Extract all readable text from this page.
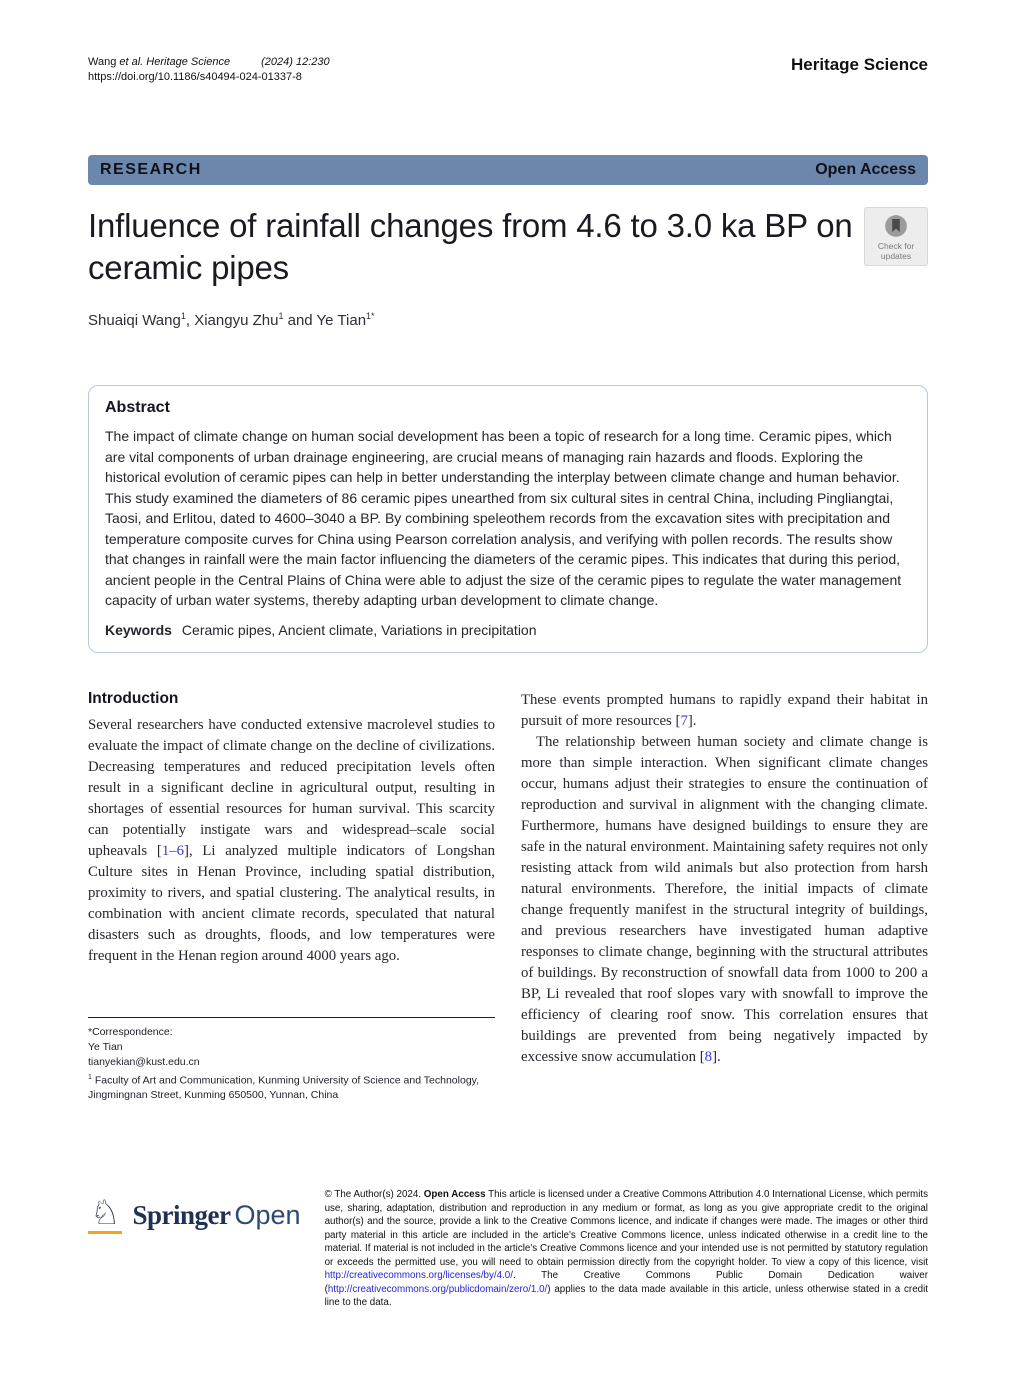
Wang et al. Heritage Science	(2024) 12:230
https://doi.org/10.1186/s40494-024-01337-8
Heritage Science
RESEARCH	Open Access
Influence of rainfall changes from 4.6 to 3.0 ka BP on ceramic pipes
Check for
updates
Shuaiqi Wang$^1$, Xiangyu Zhu$^1$ and Ye Tian$^{1*}$
Abstract

The impact of climate change on human social development has been a topic of research for a long time. Ceramic pipes, which are vital components of urban drainage engineering, are crucial means of managing rain hazards and floods. Exploring the historical evolution of ceramic pipes can help in better understanding the interplay between climate change and human behavior. This study examined the diameters of 86 ceramic pipes unearthed from six cultural sites in central China, including Pingliangtai, Taosi, and Erlitou, dated to 4600–3040 a BP. By combining speleothem records from the excavation sites with precipitation and temperature composite curves for China using Pearson correlation analysis, and verifying with pollen records. The results show that changes in rainfall were the main factor influencing the diameters of the ceramic pipes. This indicates that during this period, ancient people in the Central Plains of China were able to adjust the size of the ceramic pipes to regulate the water management capacity of urban water systems, thereby adapting urban development to climate change.

Keywords Ceramic pipes, Ancient climate, Variations in precipitation
Introduction

Several researchers have conducted extensive macrolevel studies to evaluate the impact of climate change on the decline of civilizations. Decreasing temperatures and reduced precipitation levels often result in a significant decline in agricultural output, resulting in shortages of essential resources for human survival. This scarcity can potentially instigate wars and widespread–scale social upheavals [1–6], Li analyzed multiple indicators of Longshan Culture sites in Henan Province, including spatial distribution, proximity to rivers, and spatial clustering. The analytical results, in combination with ancient climate records, speculated that natural disasters such as droughts, floods, and low temperatures were frequent in the Henan region around 4000 years ago.

*Correspondence:
Ye Tian
tianyekian@kust.edu.cn
$^1$ Faculty of Art and Communication, Kunming University of Science and Technology, Jingmingnan Street, Kunming 650500, Yunnan, China

These events prompted humans to rapidly expand their habitat in pursuit of more resources [7].

The relationship between human society and climate change is more than simple interaction. When significant climate changes occur, humans adjust their strategies to ensure the continuation of reproduction and survival in alignment with the changing climate. Furthermore, humans have designed buildings to ensure they are safe in the natural environment. Maintaining safety requires not only resisting attack from wild animals but also protection from harsh natural environments. Therefore, the initial impacts of climate change frequently manifest in the structural integrity of buildings, and previous researchers have investigated human adaptive responses to climate change, beginning with the structural attributes of buildings. By reconstruction of snowfall data from 1000 to 200 a BP, Li revealed that roof slopes vary with snowfall to improve the efficiency of clearing roof snow. This correlation ensures that buildings are prevented from being negatively impacted by excessive snow accumulation [8].

♘ Springer Open
© The Author(s) 2024. Open Access This article is licensed under a Creative Commons Attribution 4.0 International License, which permits use, sharing, adaptation, distribution and reproduction in any medium or format, as long as you give appropriate credit to the original author(s) and the source, provide a link to the Creative Commons licence, and indicate if changes were made. The images or other third party material in this article are included in the article's Creative Commons licence, unless indicated otherwise in a credit line to the material. If material is not included in the article's Creative Commons licence and your intended use is not permitted by statutory regulation or exceeds the permitted use, you will need to obtain permission directly from the copyright holder. To view a copy of this licence, visit http://creativecommons.org/licenses/by/4.0/. The Creative Commons Public Domain Dedication waiver (http://creativecommons.org/publicdomain/zero/1.0/) applies to the data made available in this article, unless otherwise stated in a credit line to the data.
